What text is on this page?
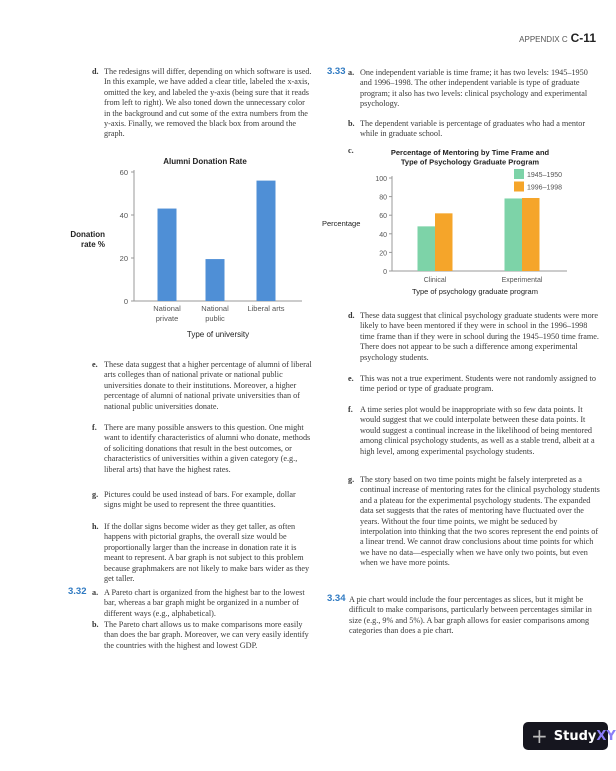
APPENDIX C C-11
d. The redesigns will differ, depending on which software is used. In this example, we have added a clear title, labeled the x-axis, omitted the key, and labeled the y-axis (being sure that it reads from left to right). We also toned down the unnecessary color in the background and cut some of the extra numbers from the y-axis. Finally, we removed the black box from around the graph.
Alumni Donation Rate
0
20
40
60
National
private
National
public
Liberal arts
Type of university
Donation
rate %
e. These data suggest that a higher percentage of alumni of liberal arts colleges than of national private or national public universities donate to their institutions. Moreover, a higher percentage of alumni of national private universities than of national public universities donate.
f. There are many possible answers to this question. One might want to identify characteristics of alumni who donate, methods of soliciting donations that result in the best outcomes, or characteristics of universities within a given category (e.g., liberal arts) that have the highest rates.
g. Pictures could be used instead of bars. For example, dollar signs might be used to represent the three quantities.
h. If the dollar signs become wider as they get taller, as often happens with pictorial graphs, the overall size would be proportionally larger than the increase in donation rate it is meant to represent. A bar graph is not subject to this problem because graphmakers are not likely to make bars wider as they get taller.
3.32 a. A Pareto chart is organized from the highest bar to the lowest bar, whereas a bar graph might be organized in a number of different ways (e.g., alphabetical).
b. The Pareto chart allows us to make comparisons more easily than does the bar graph. Moreover, we can very easily identify the countries with the highest and lowest GDP.
3.33 a. One independent variable is time frame; it has two levels: 1945–1950 and 1996–1998. The other independent variable is type of graduate program; it also has two levels: clinical psychology and experimental psychology.
b. The dependent variable is percentage of graduates who had a mentor while in graduate school.
c.	Percentage of Mentoring by Time Frame and
Type of Psychology Graduate Program
0
20
40
60
80
100
Clinical	Experimental
1945–1950
1996–1998
Type of psychology graduate program
Percentage
d. These data suggest that clinical psychology graduate students were more likely to have been mentored if they were in school in the 1996–1998 time frame than if they were in school during the 1945–1950 time frame. There does not appear to be such a difference among experimental psychology students.
e. This was not a true experiment. Students were not randomly assigned to time period or type of graduate program.
f. A time series plot would be inappropriate with so few data points. It would suggest that we could interpolate between these data points. It would suggest a continual increase in the likelihood of being mentored among clinical psychology students, as well as a stable trend, albeit at a high level, among experimental psychology students.
g. The story based on two time points might be falsely interpreted as a continual increase of mentoring rates for the clinical psychology students and a plateau for the experimental psychology students. The expanded data set suggests that the rates of mentoring have fluctuated over the years. Without the four time points, we might be seduced by interpolation into thinking that the two scores represent the end points of a linear trend. We cannot draw conclusions about time points for which we have no data—especially when we have only two points, but even when we have more points.
3.34 A pie chart would include the four percentages as slices, but it might be difficult to make comparisons, particularly between percentages similar in size (e.g., 9% and 5%). A bar graph allows for easier comparisons among categories than does a pie chart.
+ StudyXY
